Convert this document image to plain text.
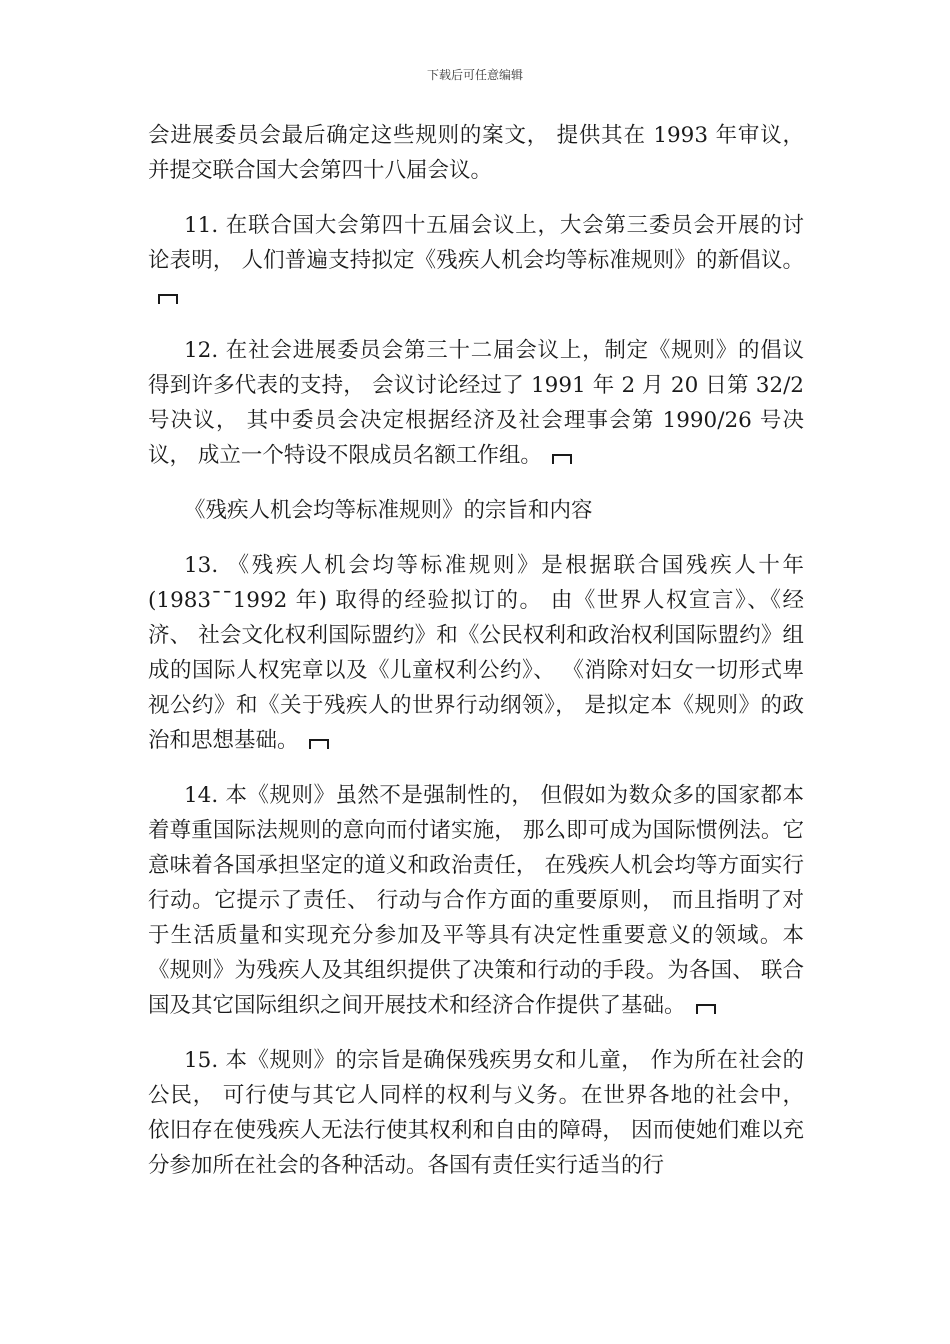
下载后可任意编辑

会进展委员会最后确定这些规则的案文， 提供其在 1993 年审议， 并提交联合国大会第四十八届会议。

11. 在联合国大会第四十五届会议上，大会第三委员会开展的讨论表明， 人们普遍支持拟定《残疾人机会均等标准规则》的新倡议。

12. 在社会进展委员会第三十二届会议上，制定《规则》的倡议得到许多代表的支持， 会议讨论经过了 1991 年 2 月 20 日第 32/2 号决议， 其中委员会决定根据经济及社会理事会第 1990/26 号决议， 成立一个特设不限成员名额工作组。

《残疾人机会均等标准规则》的宗旨和内容

13. 《残疾人机会均等标准规则》是根据联合国残疾人十年 (1983¯¯1992 年) 取得的经验拟订的。 由《世界人权宣言》、《经济、 社会文化权利国际盟约》和《公民权利和政治权利国际盟约》组成的国际人权宪章以及《儿童权利公约》、 《消除对妇女一切形式卑视公约》和《关于残疾人的世界行动纲领》， 是拟定本《规则》的政治和思想基础。

14. 本《规则》虽然不是强制性的， 但假如为数众多的国家都本着尊重国际法规则的意向而付诸实施， 那么即可成为国际惯例法。它意味着各国承担坚定的道义和政治责任， 在残疾人机会均等方面实行行动。它提示了责任、 行动与合作方面的重要原则， 而且指明了对于生活质量和实现充分参加及平等具有决定性重要意义的领域。本《规则》为残疾人及其组织提供了决策和行动的手段。为各国、 联合国及其它国际组织之间开展技术和经济合作提供了基础。

15. 本《规则》的宗旨是确保残疾男女和儿童， 作为所在社会的公民， 可行使与其它人同样的权利与义务。在世界各地的社会中， 依旧存在使残疾人无法行使其权利和自由的障碍， 因而使她们难以充分参加所在社会的各种活动。各国有责任实行适当的行
